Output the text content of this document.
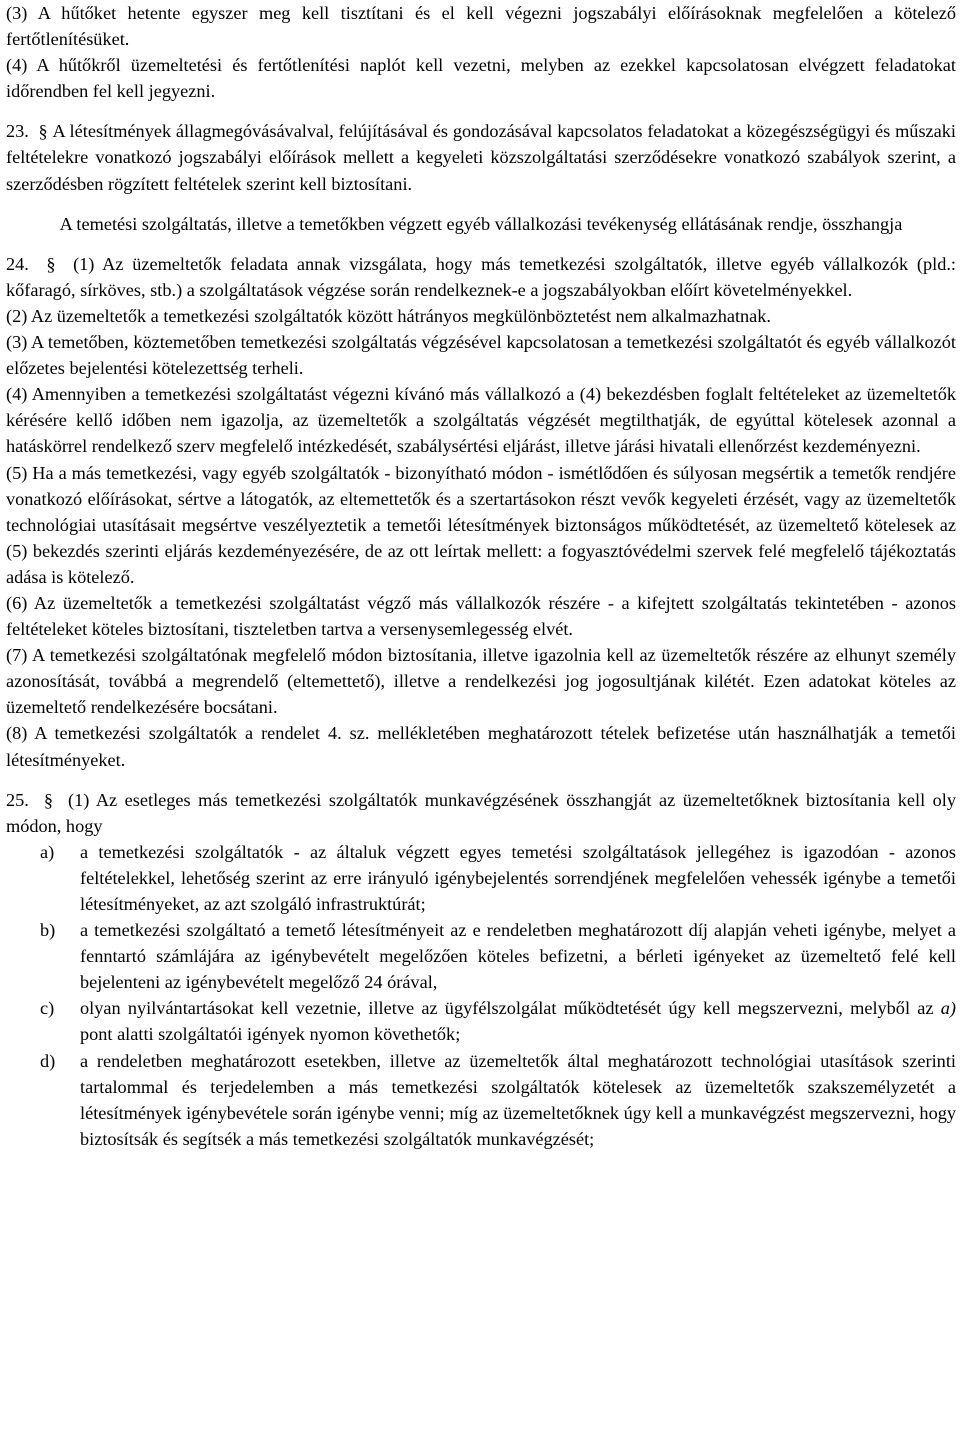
(3) A hűtőket hetente egyszer meg kell tisztítani és el kell végezni jogszabályi előírásoknak megfelelően a kötelező fertőtlenítésüket.

(4) A hűtőkről üzemeltetési és fertőtlenítési naplót kell vezetni, melyben az ezekkel kapcsolatosan elvégzett feladatokat időrendben fel kell jegyezni.

23. § A létesítmények állagmegóvásávalval, felújításával és gondozásával kapcsolatos feladatokat a közegészségügyi és műszaki feltételekre vonatkozó jogszabályi előírások mellett a kegyeleti közszolgáltatási szerződésekre vonatkozó szabályok szerint, a szerződésben rögzített feltételek szerint kell biztosítani.

A temetési szolgáltatás, illetve a temetőkben végzett egyéb vállalkozási tevékenység ellátásának rendje, összhangja

24. § (1) Az üzemeltetők feladata annak vizsgálata, hogy más temetkezési szolgáltatók, illetve egyéb vállalkozók (pld.: kőfaragó, sírköves, stb.) a szolgáltatások végzése során rendelkeznek-e a jogszabályokban előírt követelményekkel.

(2) Az üzemeltetők a temetkezési szolgáltatók között hátrányos megkülönböztetést nem alkalmazhatnak.

(3) A temetőben, köztemetőben temetkezési szolgáltatás végzésével kapcsolatosan a temetkezési szolgáltatót és egyéb vállalkozót előzetes bejelentési kötelezettség terheli.

(4) Amennyiben a temetkezési szolgáltatást végezni kívánó más vállalkozó a (4) bekezdésben foglalt feltételeket az üzemeltetők kérésére kellő időben nem igazolja, az üzemeltetők a szolgáltatás végzését megtilthatják, de egyúttal kötelesek azonnal a hatáskörrel rendelkező szerv megfelelő intézkedését, szabálysértési eljárást, illetve járási hivatali ellenőrzést kezdeményezni.

(5) Ha a más temetkezési, vagy egyéb szolgáltatók - bizonyítható módon - ismétlődően és súlyosan megsértik a temetők rendjére vonatkozó előírásokat, sértve a látogatók, az eltemettetők és a szertartásokon részt vevők kegyeleti érzését, vagy az üzemeltetők technológiai utasításait megsértve veszélyeztetik a temetői létesítmények biztonságos működtetését, az üzemeltető kötelesek az (5) bekezdés szerinti eljárás kezdeményezésére, de az ott leírtak mellett: a fogyasztóvédelmi szervek felé megfelelő tájékoztatás adása is kötelező.

(6) Az üzemeltetők a temetkezési szolgáltatást végző más vállalkozók részére - a kifejtett szolgáltatás tekintetében - azonos feltételeket köteles biztosítani, tiszteletben tartva a versenysemlegesség elvét.

(7) A temetkezési szolgáltatónak megfelelő módon biztosítania, illetve igazolnia kell az üzemeltetők részére az elhunyt személy azonosítását, továbbá a megrendelő (eltemettető), illetve a rendelkezési jog jogosultjának kilétét. Ezen adatokat köteles az üzemeltető rendelkezésére bocsátani.

(8) A temetkezési szolgáltatók a rendelet 4. sz. mellékletében meghatározott tételek befizetése után használhatják a temetői létesítményeket.

25. § (1) Az esetleges más temetkezési szolgáltatók munkavégzésének összhangját az üzemeltetőknek biztosítania kell oly módon, hogy

a) a temetkezési szolgáltatók - az általuk végzett egyes temetési szolgáltatások jellegéhez is igazodóan - azonos feltételekkel, lehetőség szerint az erre irányuló igénybejelentés sorrendjének megfelelően vehessék igénybe a temetői létesítményeket, az azt szolgáló infrastruktúrát;
b) a temetkezési szolgáltató a temető létesítményeit az e rendeletben meghatározott díj alapján veheti igénybe, melyet a fenntartó számlájára az igénybevételt megelőzően köteles befizetni, a bérleti igényeket az üzemeltető felé kell bejelenteni az igénybevételt megelőző 24 órával,
c) olyan nyilvántartásokat kell vezetnie, illetve az ügyfélszolgálat működtetését úgy kell megszervezni, melyből az a) pont alatti szolgáltatói igények nyomon követhetők;
d) a rendeletben meghatározott esetekben, illetve az üzemeltetők által meghatározott technológiai utasítások szerinti tartalommal és terjedelemben a más temetkezési szolgáltatók kötelesek az üzemeltetők szakszemélyzetét a létesítmények igénybevétele során igénybe venni; míg az üzemeltetőknek úgy kell a munkavégzést megszervezni, hogy biztosítsák és segítsék a más temetkezési szolgáltatók munkavégzését;
